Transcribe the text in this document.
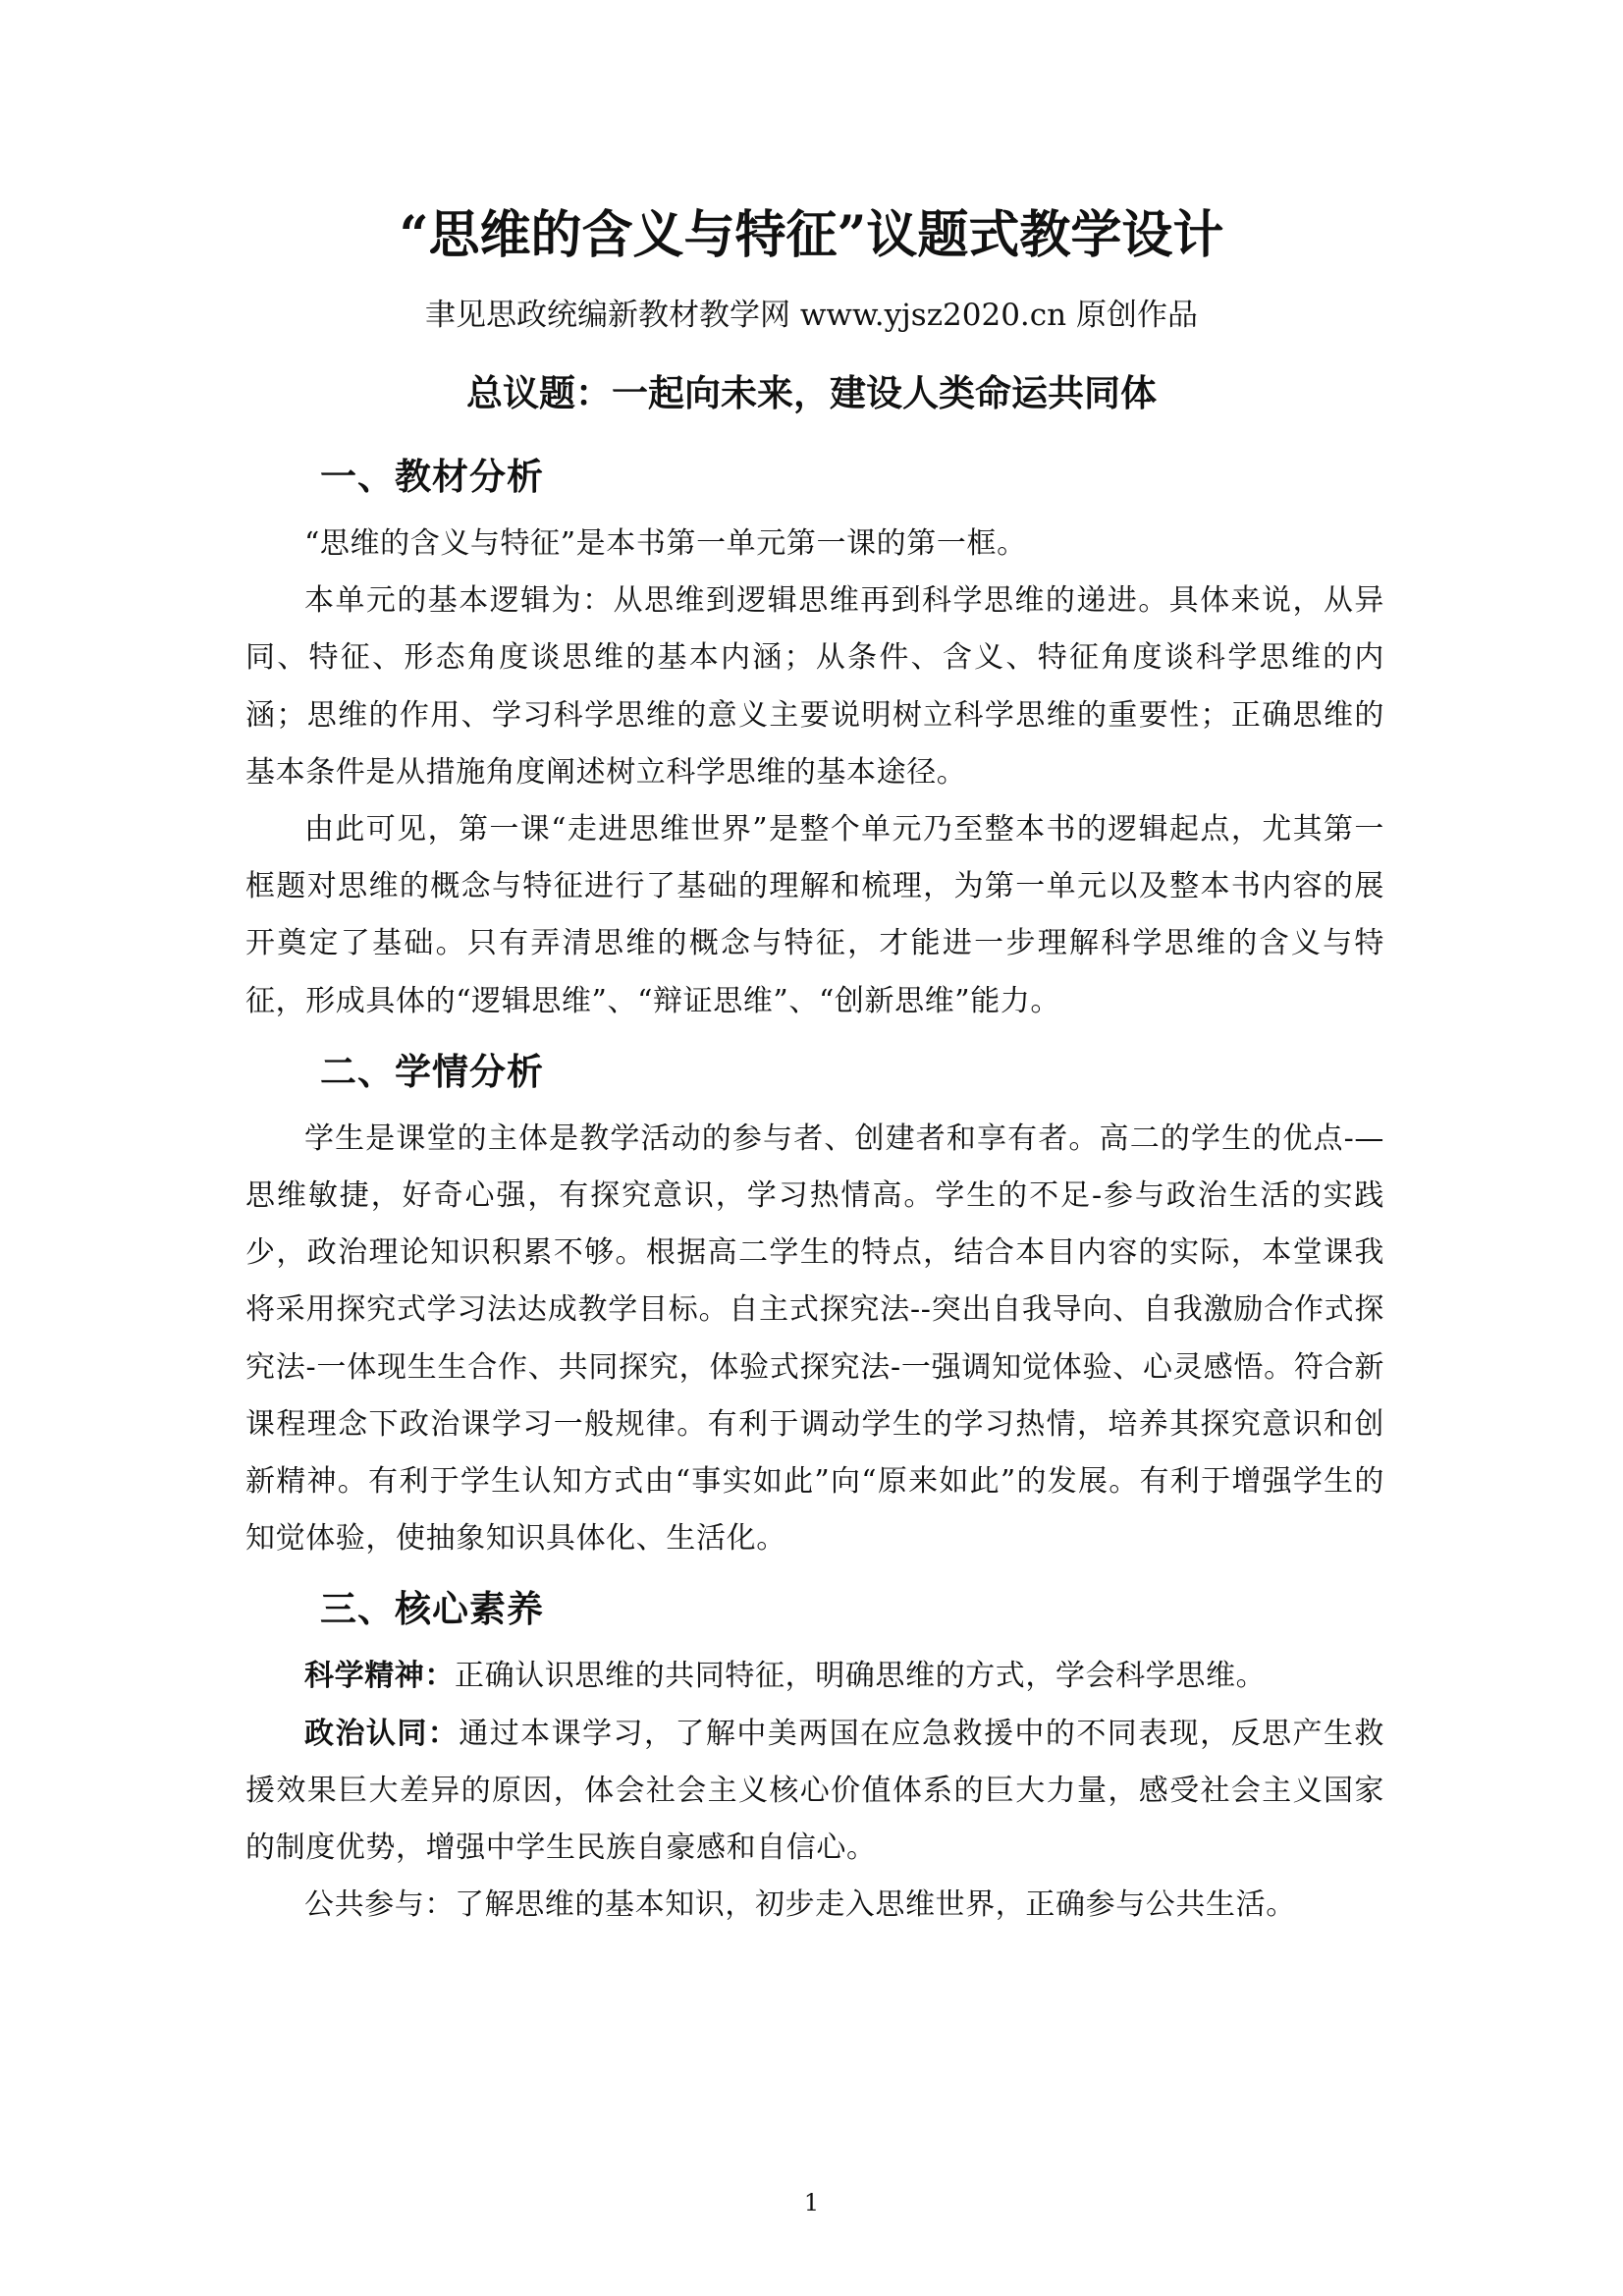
“思维的含义与特征”议题式教学设计
聿见思政统编新教材教学网 www.yjsz2020.cn 原创作品
总议题：一起向未来，建设人类命运共同体
一、教材分析

“思维的含义与特征”是本书第一单元第一课的第一框。

本单元的基本逻辑为：从思维到逻辑思维再到科学思维的递进。具体来说，从异同、特征、形态角度谈思维的基本内涵；从条件、含义、特征角度谈科学思维的内涵；思维的作用、学习科学思维的意义主要说明树立科学思维的重要性；正确思维的基本条件是从措施角度阐述树立科学思维的基本途径。

由此可见，第一课“走进思维世界”是整个单元乃至整本书的逻辑起点，尤其第一框题对思维的概念与特征进行了基础的理解和梳理，为第一单元以及整本书内容的展开奠定了基础。只有弄清思维的概念与特征，才能进一步理解科学思维的含义与特征，形成具体的“逻辑思维”、“辩证思维”、“创新思维”能力。

二、学情分析

学生是课堂的主体是教学活动的参与者、创建者和享有者。高二的学生的优点-—思维敏捷，好奇心强，有探究意识，学习热情高。学生的不足-参与政治生活的实践少，政治理论知识积累不够。根据高二学生的特点，结合本目内容的实际，本堂课我将采用探究式学习法达成教学目标。自主式探究法--突出自我导向、自我激励合作式探究法-一体现生生合作、共同探究，体验式探究法-一强调知觉体验、心灵感悟。符合新课程理念下政治课学习一般规律。有利于调动学生的学习热情，培养其探究意识和创新精神。有利于学生认知方式由“事实如此”向“原来如此”的发展。有利于增强学生的知觉体验，使抽象知识具体化、生活化。

三、核心素养

科学精神：正确认识思维的共同特征，明确思维的方式，学会科学思维。

政治认同：通过本课学习，了解中美两国在应急救援中的不同表现，反思产生救援效果巨大差异的原因，体会社会主义核心价值体系的巨大力量，感受社会主义国家的制度优势，增强中学生民族自豪感和自信心。

公共参与：了解思维的基本知识，初步走入思维世界，正确参与公共生活。

1
